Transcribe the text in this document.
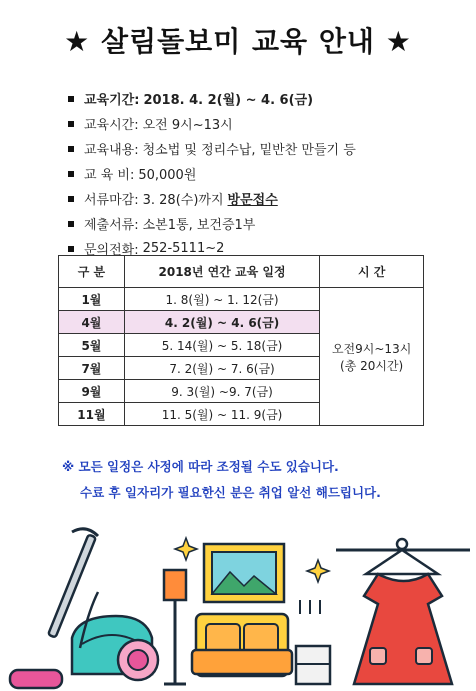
★ 살림돌보미 교육 안내 ★
교육기간: 2018. 4. 2(월) ~ 4. 6(금)
교육시간: 오전 9시~13시
교육내용: 청소법 및 정리수납, 밑반찬 만들기 등
교 육 비: 50,000원
서류마감: 3. 28(수)까지 방문접수
제출서류: 소본1통, 보건증1부
문의전화: 252-5111~2
구 분	2018년 연간 교육 일정	시 간
1월	1. 8(월) ~ 1. 12(금)	오전9시~13시
(총 20시간)
4월	4. 2(월) ~ 4. 6(금)	
5월	5. 14(월) ~ 5. 18(금)	
7월	7. 2(월) ~ 7. 6(금)	
9월	9. 3(월) ~9. 7(금)	
11월	11. 5(월) ~ 11. 9(금)	
※ 모든 일정은 사정에 따라 조정될 수도 있습니다.
수료 후 일자리가 필요한신 분은 취업 알선 해드립니다.
